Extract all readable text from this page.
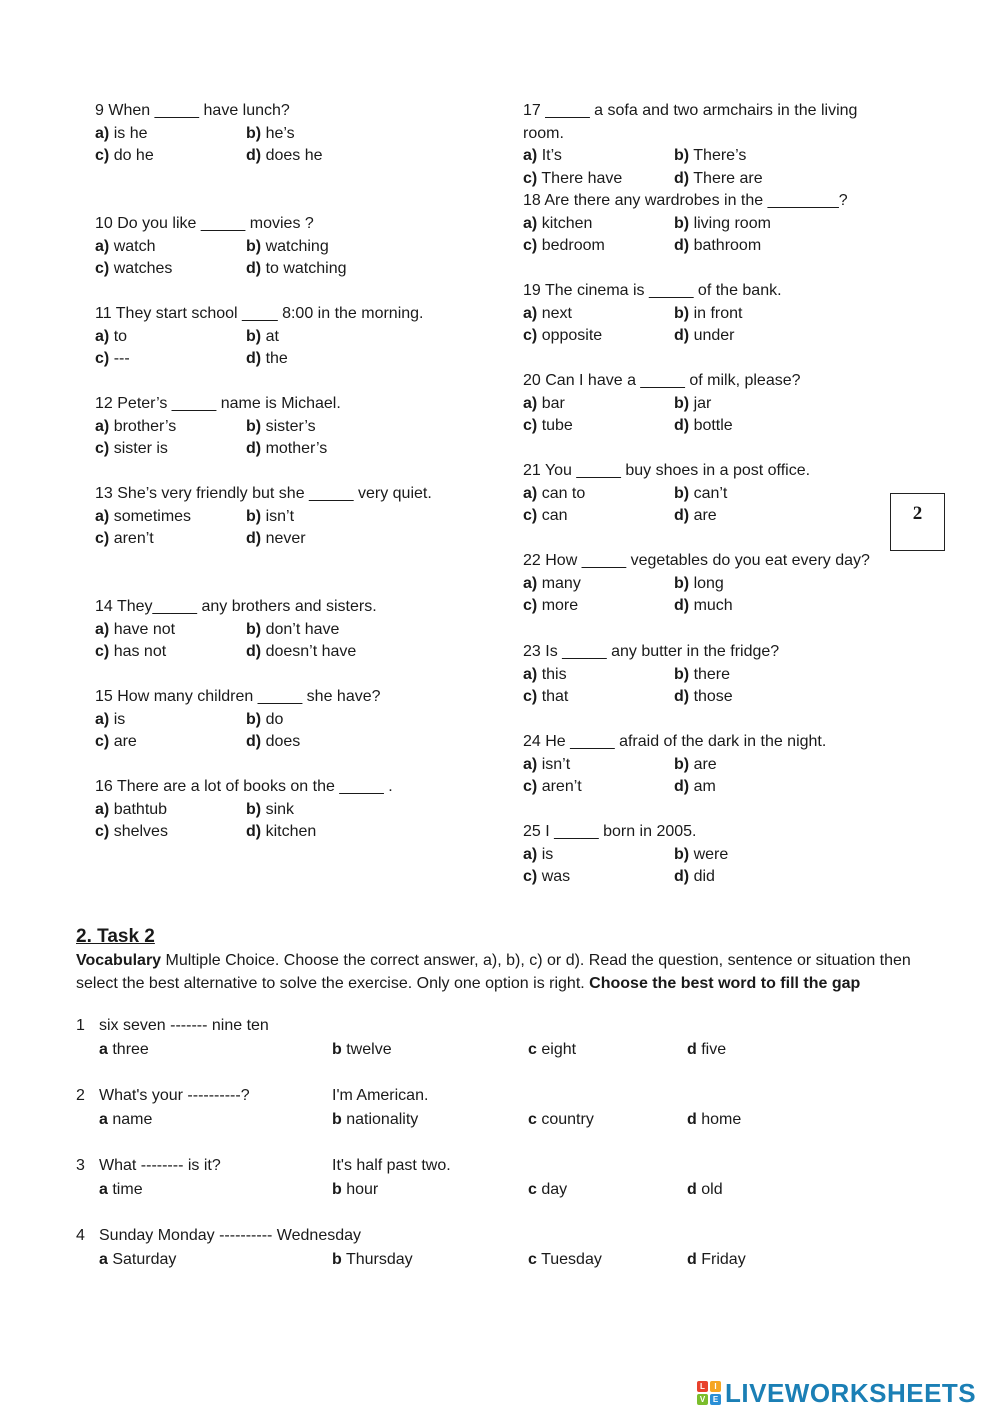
9 When _____ have lunch?
a) is he	b) he’s
c) do he	d) does he
10 Do you like _____ movies ?
a) watch	b) watching
c) watches	d) to watching
11 They start school ____ 8:00 in the morning.
a) to	b) at
c) ---	d) the
12 Peter’s _____ name is Michael.
a) brother’s	b) sister’s
c) sister is	d) mother’s
13 She’s very friendly but she _____ very quiet.
a) sometimes	b) isn’t
c) aren’t	d) never
14 They_____ any brothers and sisters.
a) have not	b) don’t have
c) has not	d) doesn’t have
15 How many children _____ she have?
a) is	b) do
c) are	d) does
16 There are a lot of books on the _____ .
a) bathtub	b) sink
c) shelves	d) kitchen
17 _____ a sofa and two armchairs in the living
room.
a) It’s	b) There’s
c) There have	d) There are
18 Are there any wardrobes in the ________?
a) kitchen	b) living room
c) bedroom	d) bathroom
19 The cinema is _____ of the bank.
a) next	b) in front
c) opposite	d) under
20 Can I have a _____ of milk, please?
a) bar	b) jar
c) tube	d) bottle
21 You _____ buy shoes in a post office.
a) can to	b) can’t
c) can	d) are
22 How _____ vegetables do you eat every day?
a) many	b) long
c) more	d) much
23 Is _____ any butter in the fridge?
a) this	b) there
c) that	d) those
24 He _____ afraid of the dark in the night.
a) isn’t	b) are
c) aren’t	d) am
25 I _____ born in 2005.
a) is	b) were
c) was	d) did
2
2. Task 2
Vocabulary Multiple Choice. Choose the correct answer, a), b), c) or d). Read the question, sentence or situation then select the best alternative to solve the exercise. Only one option is right. Choose the best word to fill the gap
1 six seven ------- nine ten
a three	b twelve	c eight	d five
2 What's your ----------?	I'm American.
a name	b nationality	c country	d home
3 What -------- is it?	It's half past two.
a time	b hour	c day	d old
4 Sunday Monday ---------- Wednesday
a Saturday	b Thursday	c Tuesday	d Friday
L	I
V E LIVEWORKSHEETS
